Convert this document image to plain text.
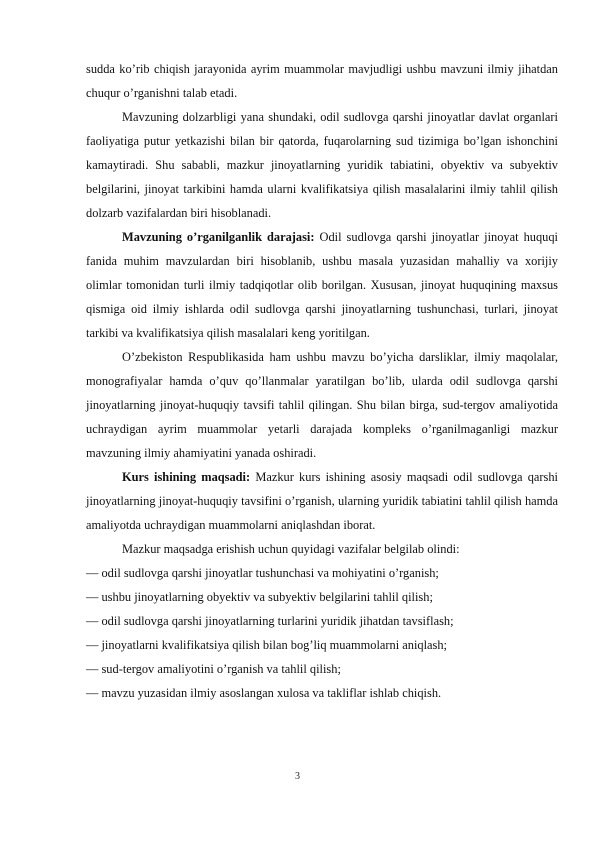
sudda ko’rib chiqish jarayonida ayrim muammolar mavjudligi ushbu mavzuni ilmiy jihatdan chuqur o’rganishni talab etadi.

Mavzuning dolzarbligi yana shundaki, odil sudlovga qarshi jinoyatlar davlat organlari faoliyatiga putur yetkazishi bilan bir qatorda, fuqarolarning sud tizimiga bo’lgan ishonchini kamaytiradi. Shu sababli, mazkur jinoyatlarning yuridik tabiatini, obyektiv va subyektiv belgilarini, jinoyat tarkibini hamda ularni kvalifikatsiya qilish masalalarini ilmiy tahlil qilish dolzarb vazifalardan biri hisoblanadi.

Mavzuning o’rganilganlik darajasi: Odil sudlovga qarshi jinoyatlar jinoyat huquqi fanida muhim mavzulardan biri hisoblanib, ushbu masala yuzasidan mahalliy va xorijiy olimlar tomonidan turli ilmiy tadqiqotlar olib borilgan. Xususan, jinoyat huquqining maxsus qismiga oid ilmiy ishlarda odil sudlovga qarshi jinoyatlarning tushunchasi, turlari, jinoyat tarkibi va kvalifikatsiya qilish masalalari keng yoritilgan.

O’zbekiston Respublikasida ham ushbu mavzu bo’yicha darsliklar, ilmiy maqolalar, monografiyalar hamda o’quv qo’llanmalar yaratilgan bo’lib, ularda odil sudlovga qarshi jinoyatlarning jinoyat-huquqiy tavsifi tahlil qilingan. Shu bilan birga, sud-tergov amaliyotida uchraydigan ayrim muammolar yetarli darajada kompleks o’rganilmaganligi mazkur mavzuning ilmiy ahamiyatini yanada oshiradi.

Kurs ishining maqsadi: Mazkur kurs ishining asosiy maqsadi odil sudlovga qarshi jinoyatlarning jinoyat-huquqiy tavsifini o’rganish, ularning yuridik tabiatini tahlil qilish hamda amaliyotda uchraydigan muammolarni aniqlashdan iborat.

Mazkur maqsadga erishish uchun quyidagi vazifalar belgilab olindi:

— odil sudlovga qarshi jinoyatlar tushunchasi va mohiyatini o’rganish;

— ushbu jinoyatlarning obyektiv va subyektiv belgilarini tahlil qilish;

— odil sudlovga qarshi jinoyatlarning turlarini yuridik jihatdan tavsiflash;

— jinoyatlarni kvalifikatsiya qilish bilan bog’liq muammolarni aniqlash;

— sud-tergov amaliyotini o’rganish va tahlil qilish;

— mavzu yuzasidan ilmiy asoslangan xulosa va takliflar ishlab chiqish.

3
